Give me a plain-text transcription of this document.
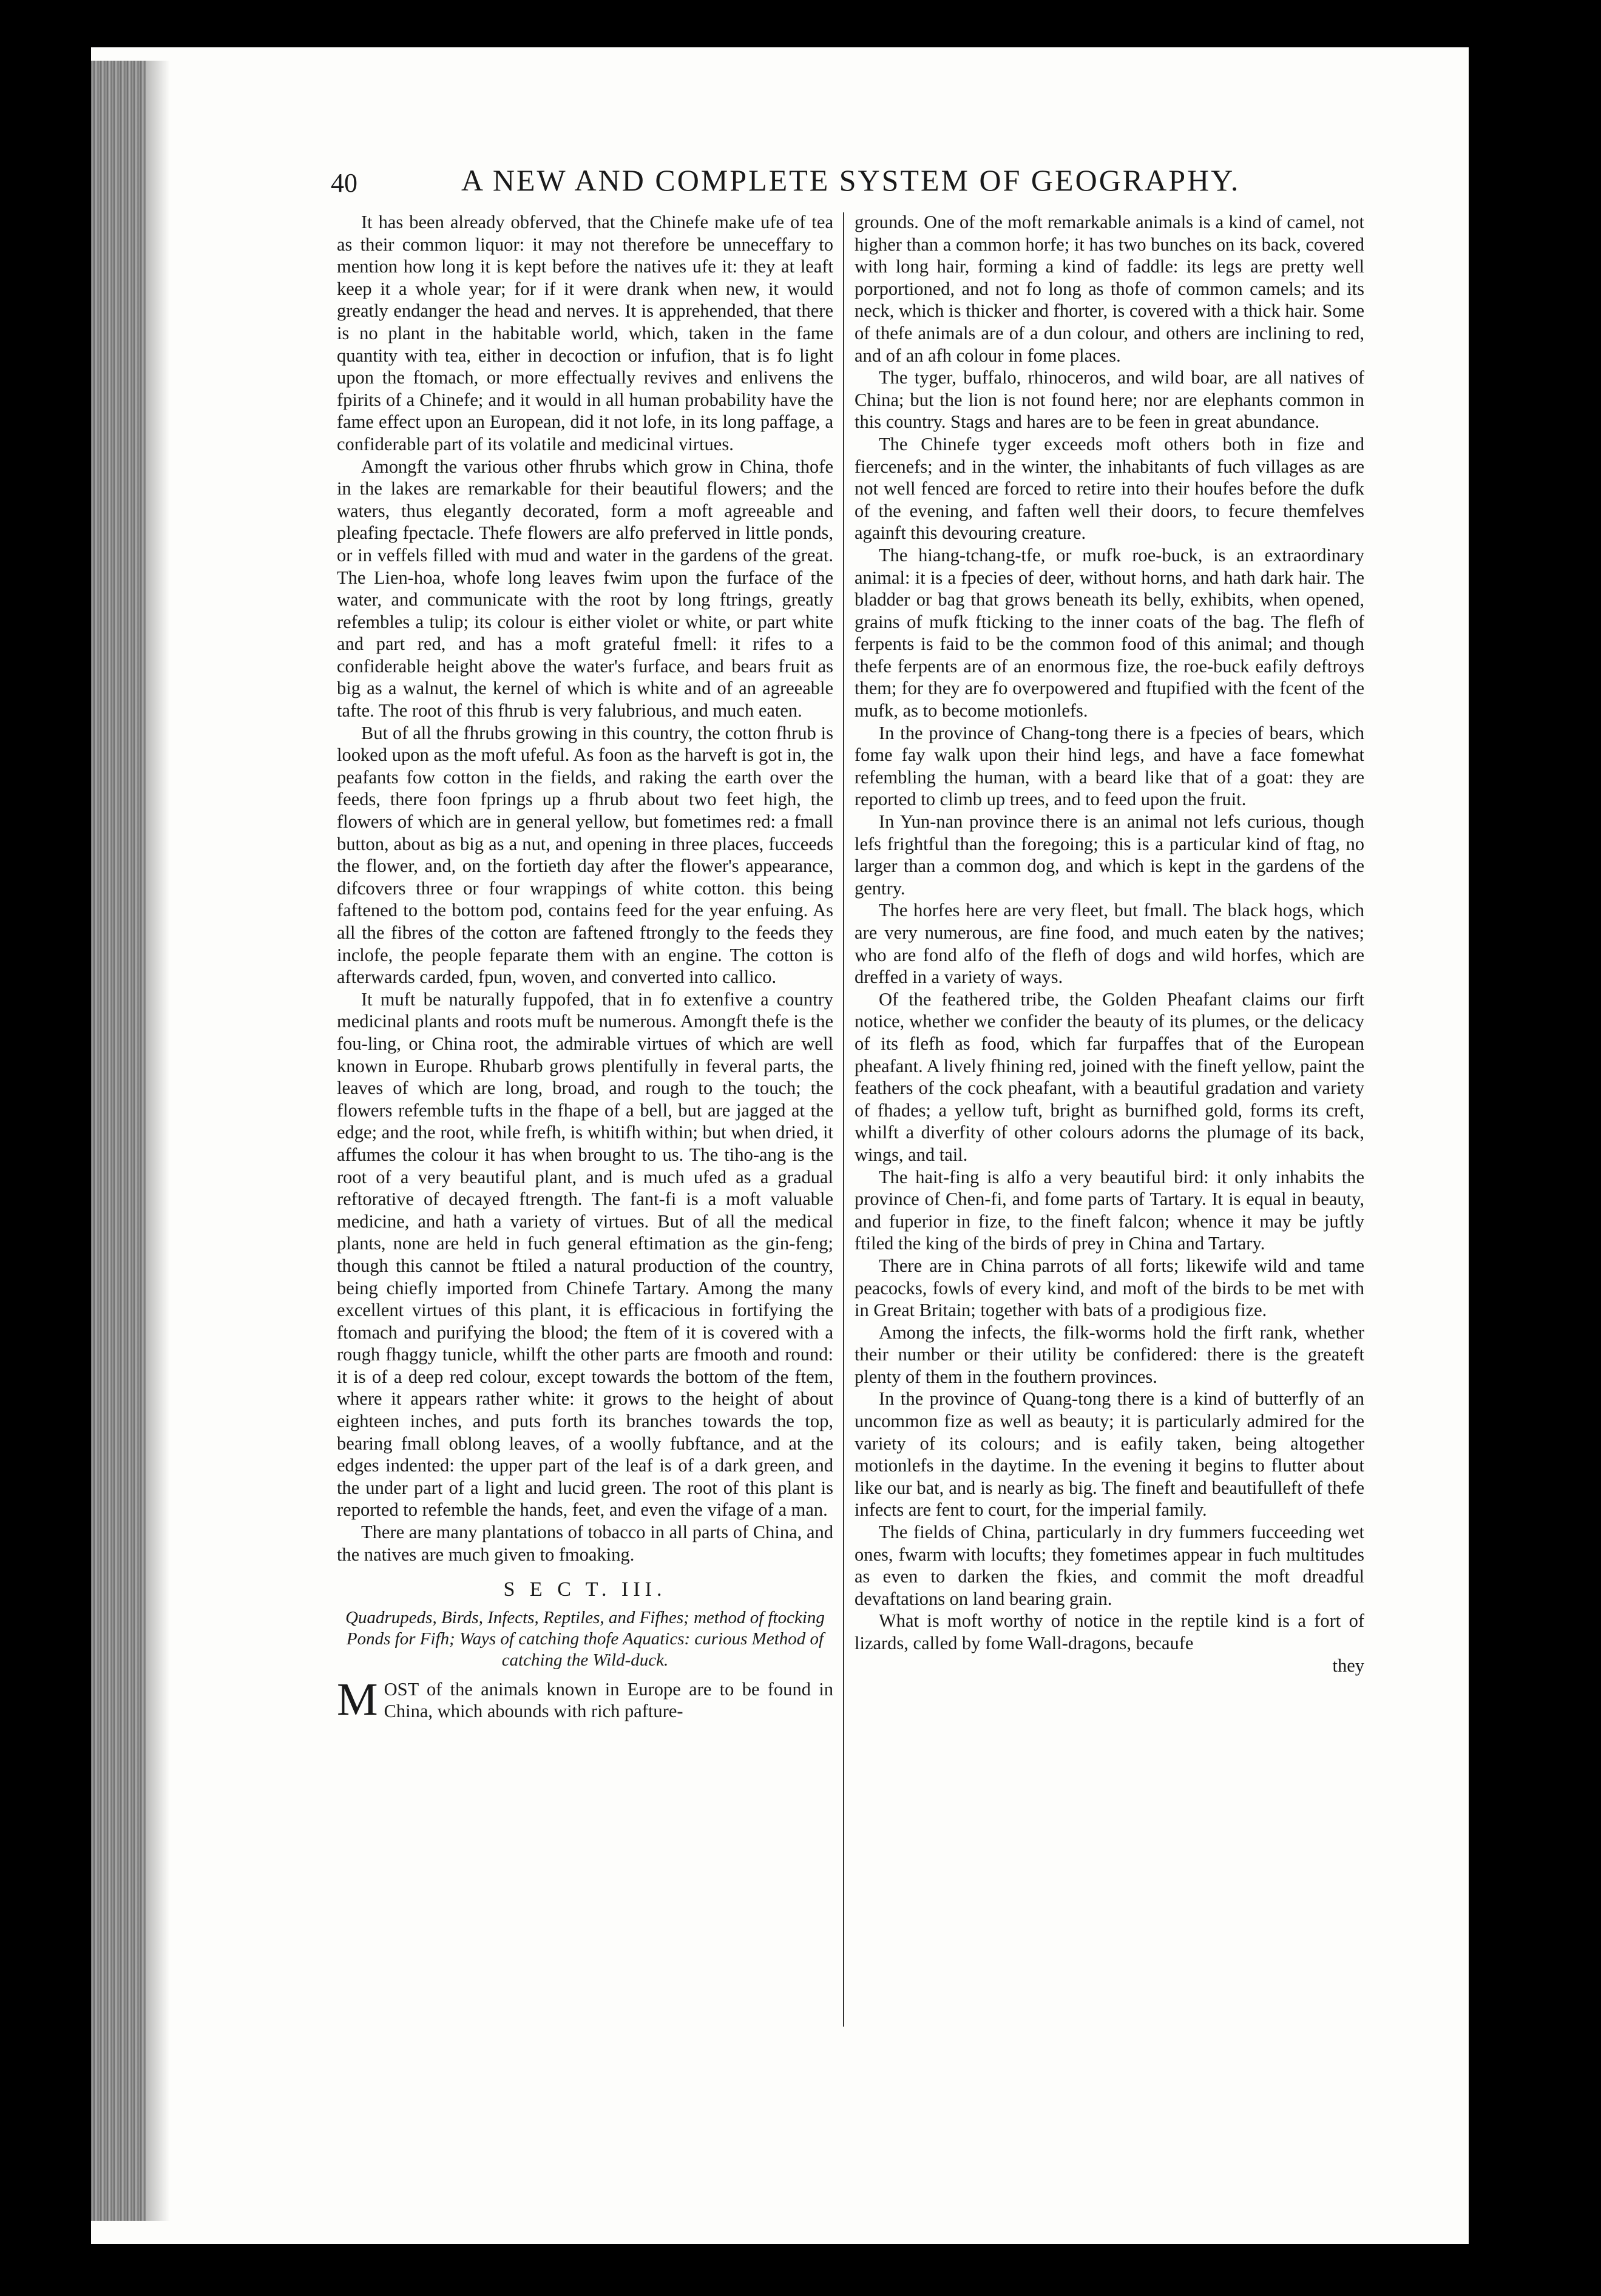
40	A NEW AND COMPLETE SYSTEM OF GEOGRAPHY.

It has been already obferved, that the Chinefe make ufe of tea as their common liquor: it may not therefore be unneceffary to mention how long it is kept before the natives ufe it: they at leaft keep it a whole year; for if it were drank when new, it would greatly endanger the head and nerves. It is apprehended, that there is no plant in the habitable world, which, taken in the fame quantity with tea, either in decoction or infufion, that is fo light upon the ftomach, or more effectually revives and enlivens the fpirits of a Chinefe; and it would in all human probability have the fame effect upon an European, did it not lofe, in its long paffage, a confiderable part of its volatile and medicinal virtues.

Amongft the various other fhrubs which grow in China, thofe in the lakes are remarkable for their beautiful flowers; and the waters, thus elegantly decorated, form a moft agreeable and pleafing fpectacle. Thefe flowers are alfo preferved in little ponds, or in veffels filled with mud and water in the gardens of the great. The Lien-hoa, whofe long leaves fwim upon the furface of the water, and communicate with the root by long ftrings, greatly refembles a tulip; its colour is either violet or white, or part white and part red, and has a moft grateful fmell: it rifes to a confiderable height above the water's furface, and bears fruit as big as a walnut, the kernel of which is white and of an agreeable tafte. The root of this fhrub is very falubrious, and much eaten.

But of all the fhrubs growing in this country, the cotton fhrub is looked upon as the moft ufeful. As foon as the harveft is got in, the peafants fow cotton in the fields, and raking the earth over the feeds, there foon fprings up a fhrub about two feet high, the flowers of which are in general yellow, but fometimes red: a fmall button, about as big as a nut, and opening in three places, fucceeds the flower, and, on the fortieth day after the flower's appearance, difcovers three or four wrappings of white cotton. this being faftened to the bottom pod, contains feed for the year enfuing. As all the fibres of the cotton are faftened ftrongly to the feeds they inclofe, the people feparate them with an engine. The cotton is afterwards carded, fpun, woven, and converted into callico.

It muft be naturally fuppofed, that in fo extenfive a country medicinal plants and roots muft be numerous. Amongft thefe is the fou-ling, or China root, the admirable virtues of which are well known in Europe. Rhubarb grows plentifully in feveral parts, the leaves of which are long, broad, and rough to the touch; the flowers refemble tufts in the fhape of a bell, but are jagged at the edge; and the root, while frefh, is whitifh within; but when dried, it affumes the colour it has when brought to us. The tiho-ang is the root of a very beautiful plant, and is much ufed as a gradual reftorative of decayed ftrength. The fant-fi is a moft valuable medicine, and hath a variety of virtues. But of all the medical plants, none are held in fuch general eftimation as the gin-feng; though this cannot be ftiled a natural production of the country, being chiefly imported from Chinefe Tartary. Among the many excellent virtues of this plant, it is efficacious in fortifying the ftomach and purifying the blood; the ftem of it is covered with a rough fhaggy tunicle, whilft the other parts are fmooth and round: it is of a deep red colour, except towards the bottom of the ftem, where it appears rather white: it grows to the height of about eighteen inches, and puts forth its branches towards the top, bearing fmall oblong leaves, of a woolly fubftance, and at the edges indented: the upper part of the leaf is of a dark green, and the under part of a light and lucid green. The root of this plant is reported to refemble the hands, feet, and even the vifage of a man.

There are many plantations of tobacco in all parts of China, and the natives are much given to fmoaking.

S E C T. III.
Quadrupeds, Birds, Infects, Reptiles, and Fifhes; method of ftocking Ponds for Fifh; Ways of catching thofe Aquatics: curious Method of catching the Wild-duck.

MOST of the animals known in Europe are to be found in China, which abounds with rich pafture-

grounds. One of the moft remarkable animals is a kind of camel, not higher than a common horfe; it has two bunches on its back, covered with long hair, forming a kind of faddle: its legs are pretty well porportioned, and not fo long as thofe of common camels; and its neck, which is thicker and fhorter, is covered with a thick hair. Some of thefe animals are of a dun colour, and others are inclining to red, and of an afh colour in fome places.

The tyger, buffalo, rhinoceros, and wild boar, are all natives of China; but the lion is not found here; nor are elephants common in this country. Stags and hares are to be feen in great abundance.

The Chinefe tyger exceeds moft others both in fize and fiercenefs; and in the winter, the inhabitants of fuch villages as are not well fenced are forced to retire into their houfes before the dufk of the evening, and faften well their doors, to fecure themfelves againft this devouring creature.

The hiang-tchang-tfe, or mufk roe-buck, is an extraordinary animal: it is a fpecies of deer, without horns, and hath dark hair. The bladder or bag that grows beneath its belly, exhibits, when opened, grains of mufk fticking to the inner coats of the bag. The flefh of ferpents is faid to be the common food of this animal; and though thefe ferpents are of an enormous fize, the roe-buck eafily deftroys them; for they are fo overpowered and ftupified with the fcent of the mufk, as to become motionlefs.

In the province of Chang-tong there is a fpecies of bears, which fome fay walk upon their hind legs, and have a face fomewhat refembling the human, with a beard like that of a goat: they are reported to climb up trees, and to feed upon the fruit.

In Yun-nan province there is an animal not lefs curious, though lefs frightful than the foregoing; this is a particular kind of ftag, no larger than a common dog, and which is kept in the gardens of the gentry.

The horfes here are very fleet, but fmall. The black hogs, which are very numerous, are fine food, and much eaten by the natives; who are fond alfo of the flefh of dogs and wild horfes, which are dreffed in a variety of ways.

Of the feathered tribe, the Golden Pheafant claims our firft notice, whether we confider the beauty of its plumes, or the delicacy of its flefh as food, which far furpaffes that of the European pheafant. A lively fhining red, joined with the fineft yellow, paint the feathers of the cock pheafant, with a beautiful gradation and variety of fhades; a yellow tuft, bright as burnifhed gold, forms its creft, whilft a diverfity of other colours adorns the plumage of its back, wings, and tail.

The hait-fing is alfo a very beautiful bird: it only inhabits the province of Chen-fi, and fome parts of Tartary. It is equal in beauty, and fuperior in fize, to the fineft falcon; whence it may be juftly ftiled the king of the birds of prey in China and Tartary.

There are in China parrots of all forts; likewife wild and tame peacocks, fowls of every kind, and moft of the birds to be met with in Great Britain; together with bats of a prodigious fize.

Among the infects, the filk-worms hold the firft rank, whether their number or their utility be confidered: there is the greateft plenty of them in the fouthern provinces.

In the province of Quang-tong there is a kind of butterfly of an uncommon fize as well as beauty; it is particularly admired for the variety of its colours; and is eafily taken, being altogether motionlefs in the daytime. In the evening it begins to flutter about like our bat, and is nearly as big. The fineft and beautifulleft of thefe infects are fent to court, for the imperial family.

The fields of China, particularly in dry fummers fucceeding wet ones, fwarm with locufts; they fometimes appear in fuch multitudes as even to darken the fkies, and commit the moft dreadful devaftations on land bearing grain.

What is moft worthy of notice in the reptile kind is a fort of lizards, called by fome Wall-dragons, becaufe

they
